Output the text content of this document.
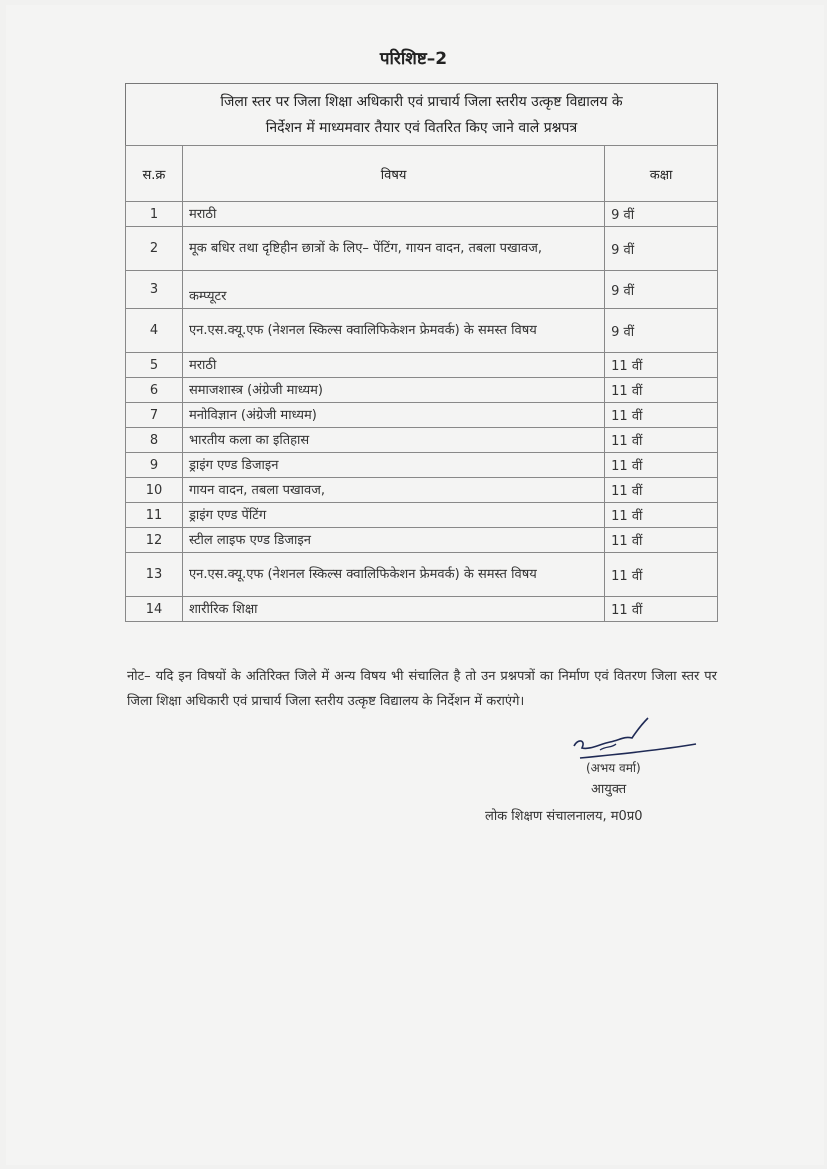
परिशिष्ट–2
जिला स्तर पर जिला शिक्षा अधिकारी एवं प्राचार्य जिला स्तरीय उत्कृष्ट विद्यालय के
निर्देशन में माध्यमवार तैयार एवं वितरित किए जाने वाले प्रश्नपत्र
स.क्र	विषय	कक्षा
1	मराठी	9 वीं
2	मूक बधिर तथा दृष्टिहीन छात्रों के लिए– पेंटिंग, गायन वादन, तबला पखावज,	9 वीं
3	कम्प्यूटर	9 वीं
4	एन.एस.क्यू.एफ (नेशनल स्किल्स क्वालिफिकेशन फ्रेमवर्क) के समस्त विषय	9 वीं
5	मराठी	11 वीं
6	समाजशास्त्र (अंग्रेजी माध्यम)	11 वीं
7	मनोविज्ञान (अंग्रेजी माध्यम)	11 वीं
8	भारतीय कला का इतिहास	11 वीं
9	ड्राइंग एण्ड डिजाइन	11 वीं
10	गायन वादन, तबला पखावज,	11 वीं
11	ड्राइंग एण्ड पेंटिंग	11 वीं
12	स्टील लाइफ एण्ड डिजाइन	11 वीं
13	एन.एस.क्यू.एफ (नेशनल स्किल्स क्वालिफिकेशन फ्रेमवर्क) के समस्त विषय	11 वीं
14	शारीरिक शिक्षा	11 वीं
नोट– यदि इन विषयों के अतिरिक्त जिले में अन्य विषय भी संचालित है तो उन प्रश्नपत्रों का निर्माण एवं वितरण जिला स्तर पर जिला शिक्षा अधिकारी एवं प्राचार्य जिला स्तरीय उत्कृष्ट विद्यालय के निर्देशन में कराएंगे।
(अभय वर्मा)
आयुक्त
लोक शिक्षण संचालनालय, म0प्र0
